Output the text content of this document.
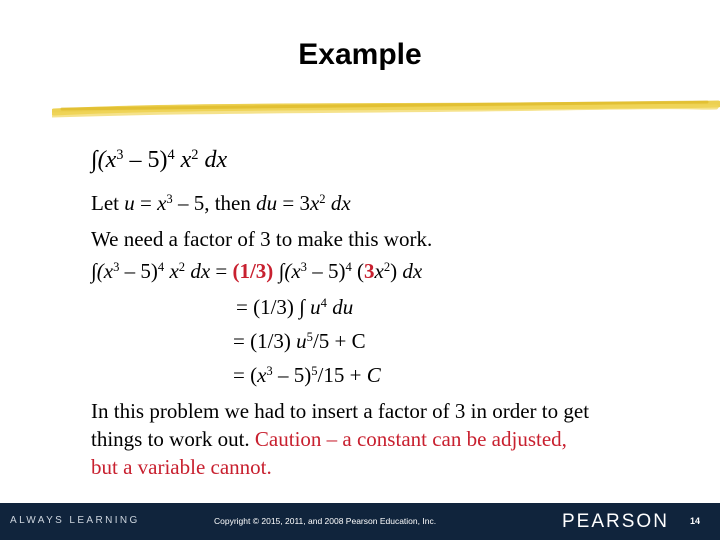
Example
$\int(x^3 - 5)^4$ $x^2$ dx
Let $u = x^3 - 5$, then du = $3x^2$ dx
We need a factor of 3 to make this work.
$\int(x^3 - 5)^4$ $x^2$ dx = (1/3) $\int(x^3 - 5)^4$ $(3x^2)$ dx
= (1/3) ∫ $u^4$ du
= (1/3) $u^5/5 + C$
= $(x^3 - 5)^5/15 + C$
In this problem we had to insert a factor of 3 in order to get
things to work out. Caution – a constant can be adjusted,
but a variable cannot.
ALWAYS LEARNING	Copyright © 2015, 2011, and 2008 Pearson Education, Inc.	PEARSON 14
